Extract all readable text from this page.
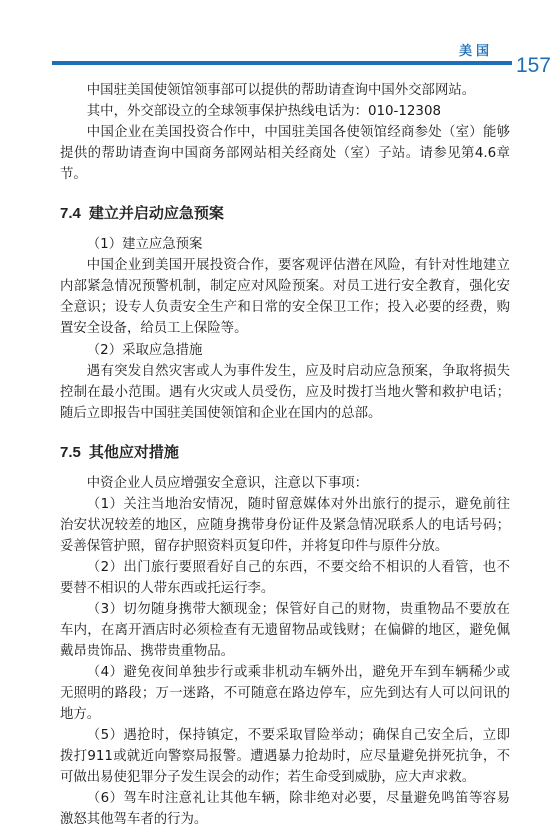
美国
157

中国驻美国使领馆领事部可以提供的帮助请查询中国外交部网站。

其中，外交部设立的全球领事保护热线电话为：010-12308

中国企业在美国投资合作中，中国驻美国各使领馆经商参处（室）能够提供的帮助请查询中国商务部网站相关经商处（室）子站。请参见第4.6章节。

7.4 建立并启动应急预案

（1）建立应急预案

中国企业到美国开展投资合作，要客观评估潜在风险，有针对性地建立内部紧急情况预警机制，制定应对风险预案。对员工进行安全教育，强化安全意识；设专人负责安全生产和日常的安全保卫工作；投入必要的经费，购置安全设备，给员工上保险等。

（2）采取应急措施

遇有突发自然灾害或人为事件发生，应及时启动应急预案，争取将损失控制在最小范围。遇有火灾或人员受伤，应及时拨打当地火警和救护电话；随后立即报告中国驻美国使领馆和企业在国内的总部。

7.5 其他应对措施

中资企业人员应增强安全意识，注意以下事项：

（1）关注当地治安情况，随时留意媒体对外出旅行的提示，避免前往治安状况较差的地区，应随身携带身份证件及紧急情况联系人的电话号码；妥善保管护照，留存护照资料页复印件，并将复印件与原件分放。

（2）出门旅行要照看好自己的东西，不要交给不相识的人看管，也不要替不相识的人带东西或托运行李。

（3）切勿随身携带大额现金；保管好自己的财物，贵重物品不要放在车内，在离开酒店时必须检查有无遗留物品或钱财；在偏僻的地区，避免佩戴昂贵饰品、携带贵重物品。

（4）避免夜间单独步行或乘非机动车辆外出，避免开车到车辆稀少或无照明的路段；万一迷路，不可随意在路边停车，应先到达有人可以问讯的地方。

（5）遇抢时，保持镇定，不要采取冒险举动；确保自己安全后，立即拨打911或就近向警察局报警。遭遇暴力抢劫时，应尽量避免拼死抗争，不可做出易使犯罪分子发生误会的动作；若生命受到威胁，应大声求救。

（6）驾车时注意礼让其他车辆，除非绝对必要，尽量避免鸣笛等容易激怒其他驾车者的行为。
